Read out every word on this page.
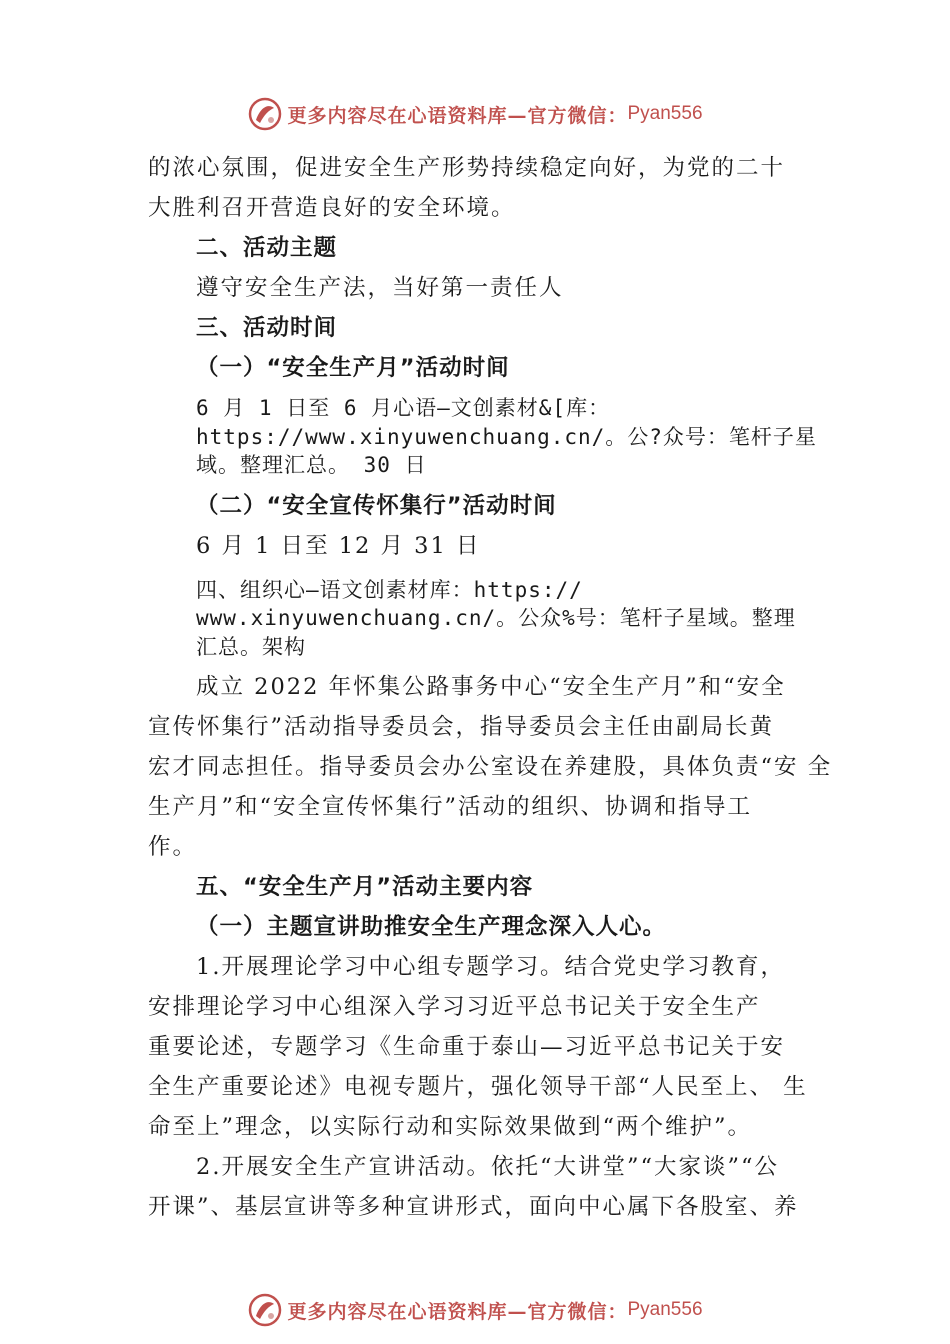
更多内容尽在心语资料库—官方微信： Pyan556

的浓心氛围，促进安全生产形势持续稳定向好，为党的二十

大胜利召开营造良好的安全环境。

二、活动主题

遵守安全生产法，当好第一责任人

三、活动时间

（一）“安全生产月”活动时间

6 月 1 日至 6 月心语—文创素材&[库：
https://www.xinyuwenchuang.cn/。公?众号：笔杆子星
域。整理汇总。 30 日

（二）“安全宣传怀集行”活动时间

6 月 1 日至 12 月 31 日

四、组织心—语文创素材库：https://
www.xinyuwenchuang.cn/。公众%号：笔杆子星域。整理
汇总。架构

成立 2022 年怀集公路事务中心“安全生产月”和“安全

宣传怀集行”活动指导委员会，指导委员会主任由副局长黄

宏才同志担任。指导委员会办公室设在养建股，具体负责“安 全

生产月”和“安全宣传怀集行”活动的组织、协调和指导工

作。

五、“安全生产月”活动主要内容

（一）主题宣讲助推安全生产理念深入人心。

1.开展理论学习中心组专题学习。结合党史学习教育，

安排理论学习中心组深入学习习近平总书记关于安全生产

重要论述，专题学习《生命重于泰山—习近平总书记关于安

全生产重要论述》电视专题片，强化领导干部“人民至上、 生

命至上”理念，以实际行动和实际效果做到“两个维护”。

2.开展安全生产宣讲活动。依托“大讲堂”“大家谈”“公

开课”、基层宣讲等多种宣讲形式，面向中心属下各股室、养

更多内容尽在心语资料库—官方微信： Pyan556
